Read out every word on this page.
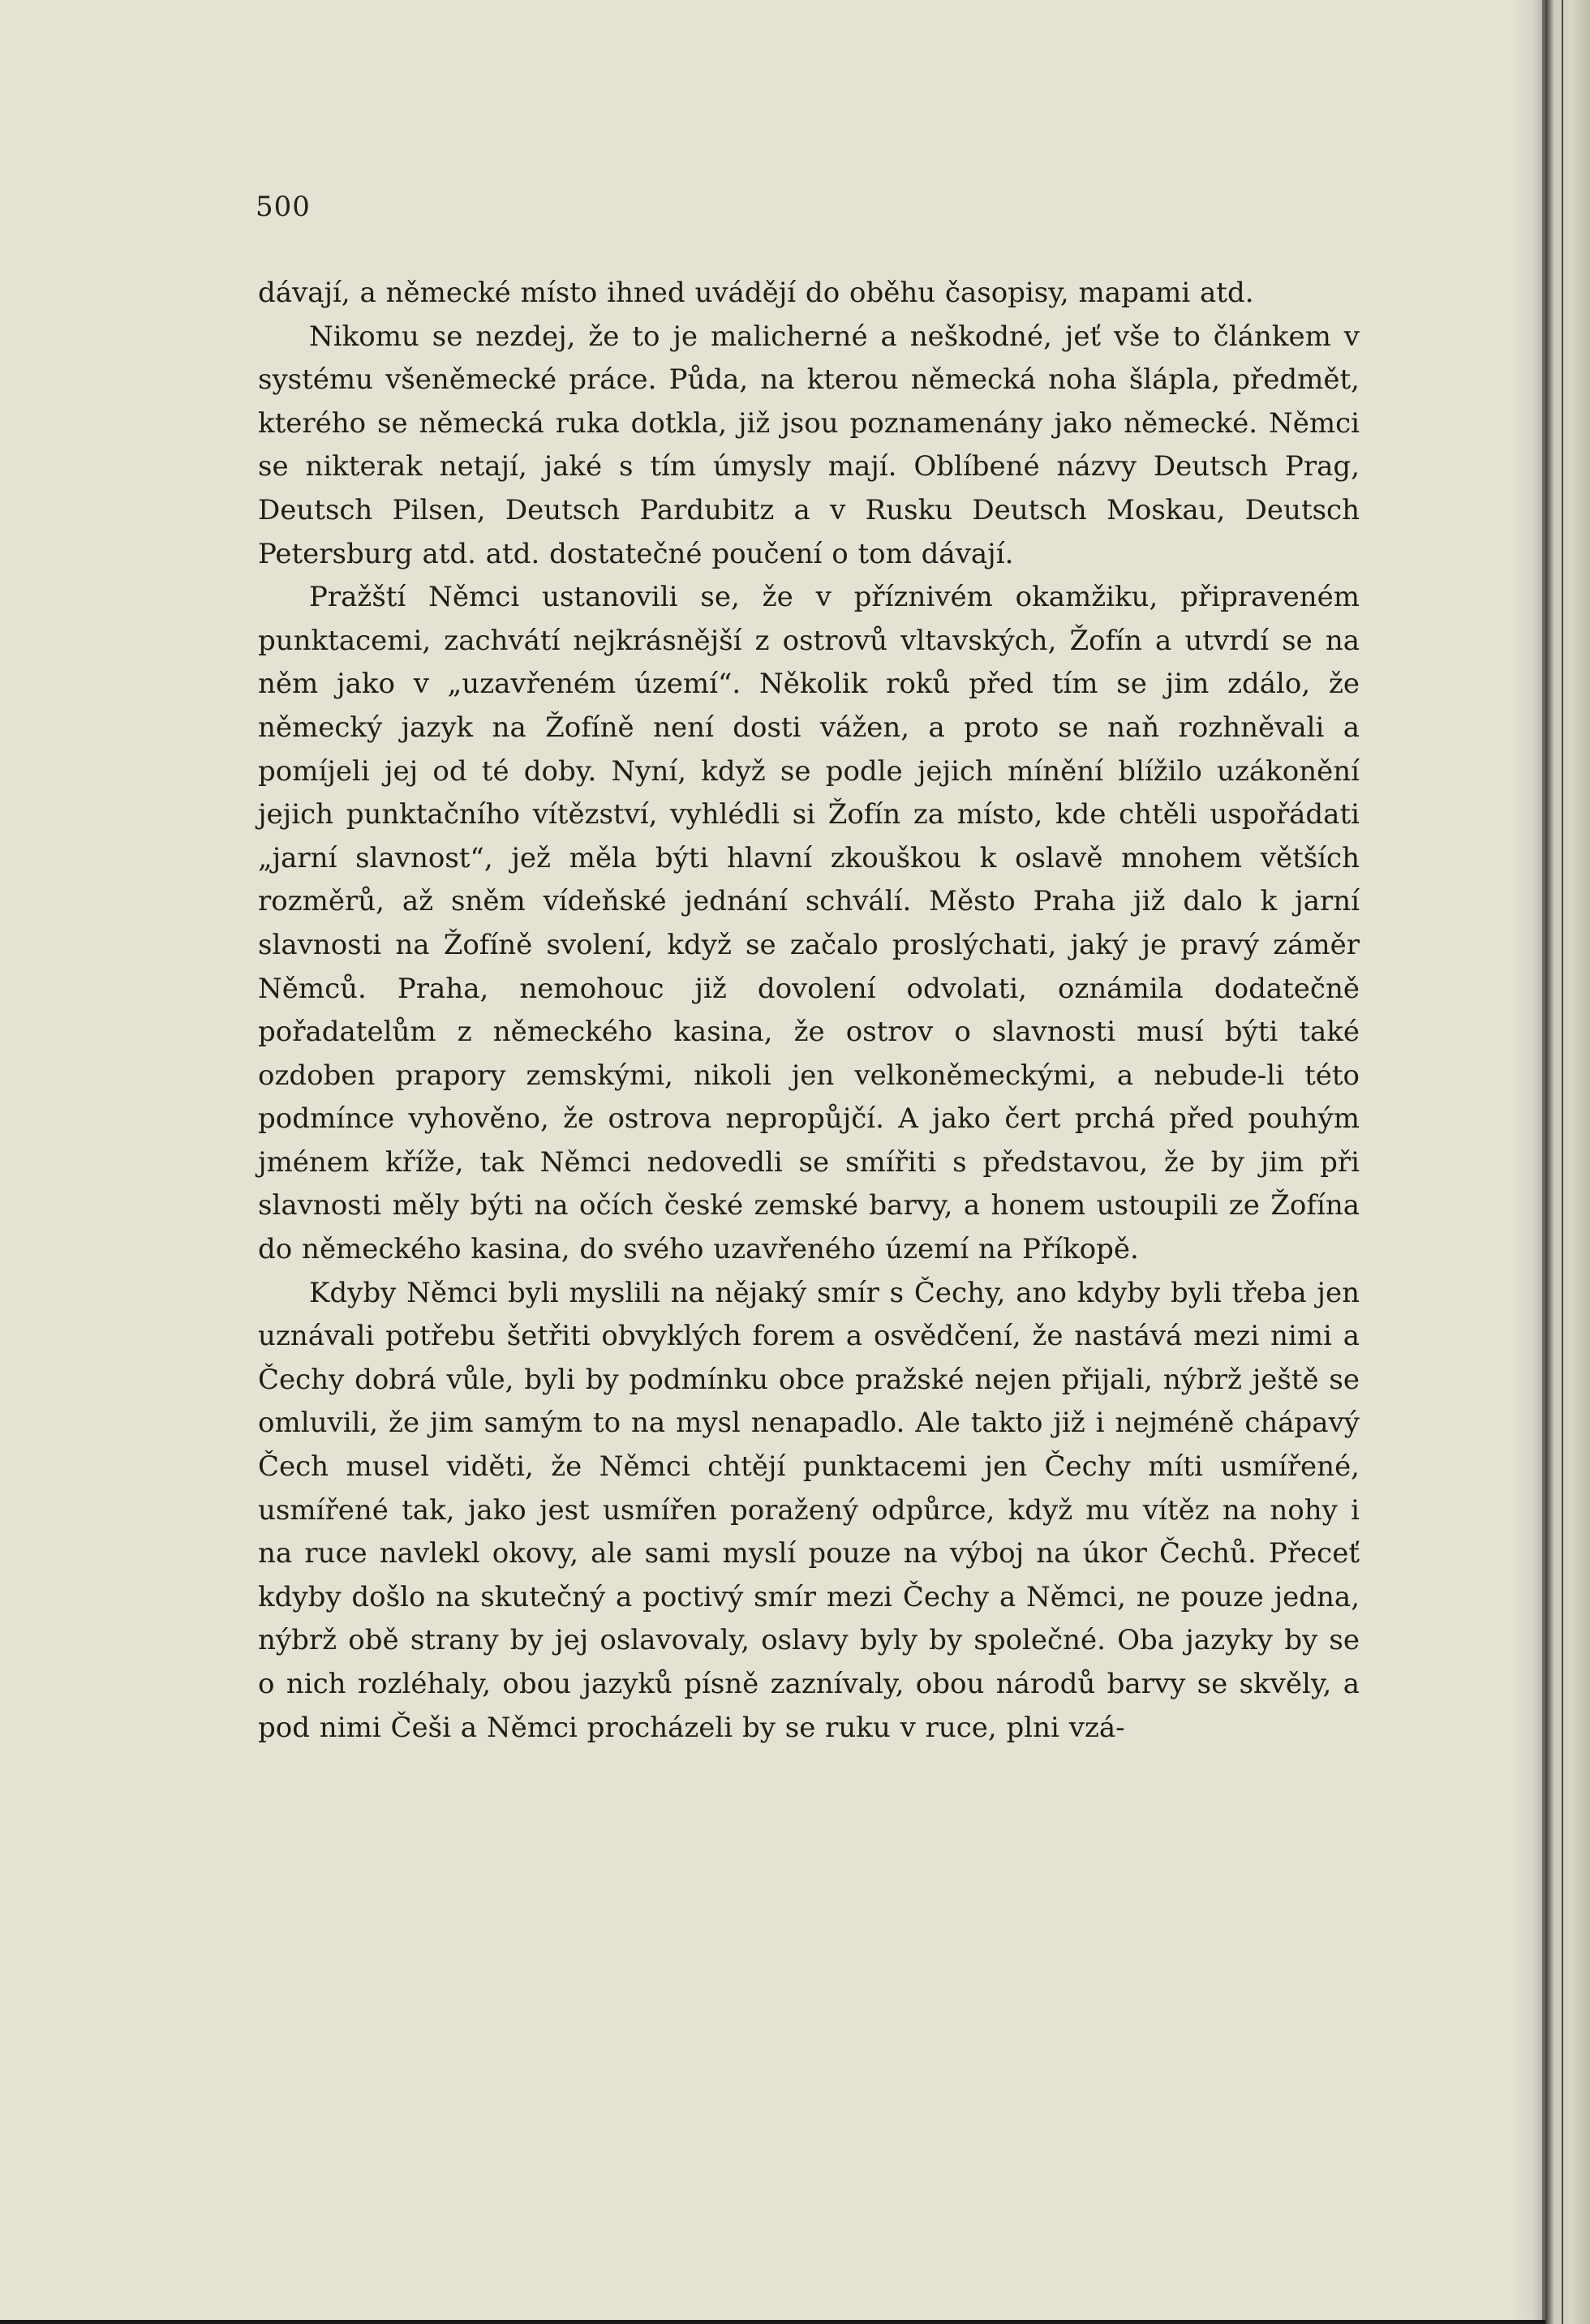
500

dávají, a německé místo ihned uvádějí do oběhu časopisy, mapami atd.

Nikomu se nezdej, že to je malicherné a neškodné, jeť vše to článkem v systému všeněmecké práce. Půda, na kterou německá noha šlápla, předmět, kterého se německá ruka dotkla, již jsou poznamenány jako německé. Němci se nikterak netají, jaké s tím úmysly mají. Oblíbené názvy Deutsch Prag, Deutsch Pilsen, Deutsch Pardubitz a v Rusku Deutsch Moskau, Deutsch Petersburg atd. atd. dostatečné poučení o tom dávají.

Pražští Němci ustanovili se, že v příznivém okamžiku, připraveném punktacemi, zachvátí nejkrásnější z ostrovů vltavských, Žofín a utvrdí se na něm jako v „uzavřeném území“. Několik roků před tím se jim zdálo, že německý jazyk na Žofíně není dosti vážen, a proto se naň rozhněvali a pomíjeli jej od té doby. Nyní, když se podle jejich mínění blížilo uzákonění jejich punktačního vítězství, vyhlédli si Žofín za místo, kde chtěli uspořádati „jarní slavnost“, jež měla býti hlavní zkouškou k oslavě mnohem větších rozměrů, až sněm vídeňské jednání schválí. Město Praha již dalo k jarní slavnosti na Žofíně svolení, když se začalo proslýchati, jaký je pravý záměr Němců. Praha, nemohouc již dovolení odvolati, oznámila dodatečně pořadatelům z německého kasina, že ostrov o slavnosti musí býti také ozdoben prapory zemskými, nikoli jen velkoněmeckými, a nebude-li této podmínce vyhověno, že ostrova nepropůjčí. A jako čert prchá před pouhým jménem kříže, tak Němci nedovedli se smířiti s představou, že by jim při slavnosti měly býti na očích české zemské barvy, a honem ustoupili ze Žofína do německého kasina, do svého uzavřeného území na Příkopě.

Kdyby Němci byli myslili na nějaký smír s Čechy, ano kdyby byli třeba jen uznávali potřebu šetřiti obvyklých forem a osvědčení, že nastává mezi nimi a Čechy dobrá vůle, byli by podmínku obce pražské nejen přijali, nýbrž ještě se omluvili, že jim samým to na mysl nenapadlo. Ale takto již i nejméně chápavý Čech musel viděti, že Němci chtějí punktacemi jen Čechy míti usmířené, usmířené tak, jako jest usmířen poražený odpůrce, když mu vítěz na nohy i na ruce navlekl okovy, ale sami myslí pouze na výboj na úkor Čechů. Přeceť kdyby došlo na skutečný a poctivý smír mezi Čechy a Němci, ne pouze jedna, nýbrž obě strany by jej oslavovaly, oslavy byly by společné. Oba jazyky by se o nich rozléhaly, obou jazyků písně zaznívaly, obou národů barvy se skvěly, a pod nimi Češi a Němci procházeli by se ruku v ruce, plni vzá-
